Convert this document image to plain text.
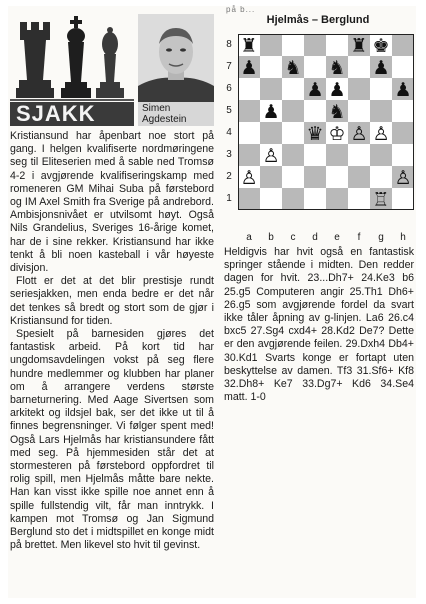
SJAKK	Simen
Agdestein

Kristiansund har åpenbart noe stort på gang. I helgen kvalifiserte nordmøringene seg til Eliteserien med å sable ned Tromsø 4-2 i avgjørende kvalifiseringskamp med romeneren GM Mihai Suba på førstebord og IM Axel Smith fra Sverige på andrebord. Ambisjonsnivået er utvilsomt høyt. Også Nils Grandelius, Sveriges 16-årige komet, har de i sine rekker. Kristiansund har ikke tenkt å bli noen kasteball i vår høyeste divisjon.

Flott er det at det blir prestisje rundt seriesjakken, men enda bedre er det når det tenkes så bredt og stort som de gjør i Kristiansund for tiden.

Spesielt på barnesiden gjøres det fantastisk arbeid. På kort tid har ungdomsavdelingen vokst på seg flere hundre medlemmer og klubben har planer om å arrangere verdens største barneturnering. Med Aage Sivertsen som arkitekt og ildsjel bak, ser det ikke ut til å finnes begrensninger. Vi følger spent med! Også Lars Hjelmås har kristiansundere fått med seg. På hjemmesiden står det at stormesteren på førstebord oppfordret til rolig spill, men Hjelmås måtte bare nekte. Han kan visst ikke spille noe annet enn å spille fullstendig vilt, får man inntrykk. I kampen mot Tromsø og Jan Sigmund Berglund sto det i midtspillet en konge midt på brettet. Men likevel sto hvit til gevinst.

på b...
Hjelmås – Berglund
8
7
6
5
4
3
2
1
♜	♜ ♚
♟ ♞ ♞ ♟
♟ ♟	♟
♟	♞
♔
♛ ♙ ♙
♙
♙	♙
♖
a	b	c	d	e	f	g	h

Heldigvis har hvit også en fantastisk springer stående i midten. Den redder dagen for hvit. 23...Dh7+ 24.Ke3 b6 25.g5 Computeren angir 25.Th1 Dh6+ 26.g5 som avgjørende fordel da svart ikke tåler åpning av g-linjen. La6 26.c4 bxc5 27.Sg4 cxd4+ 28.Kd2 De7? Dette er den avgjørende feilen. 29.Dxh4 Db4+ 30.Kd1 Svarts konge er fortapt uten beskyttelse av damen. Tf3 31.Sf6+ Kf8 32.Dh8+ Ke7 33.Dg7+ Kd6 34.Se4 matt. 1-0
